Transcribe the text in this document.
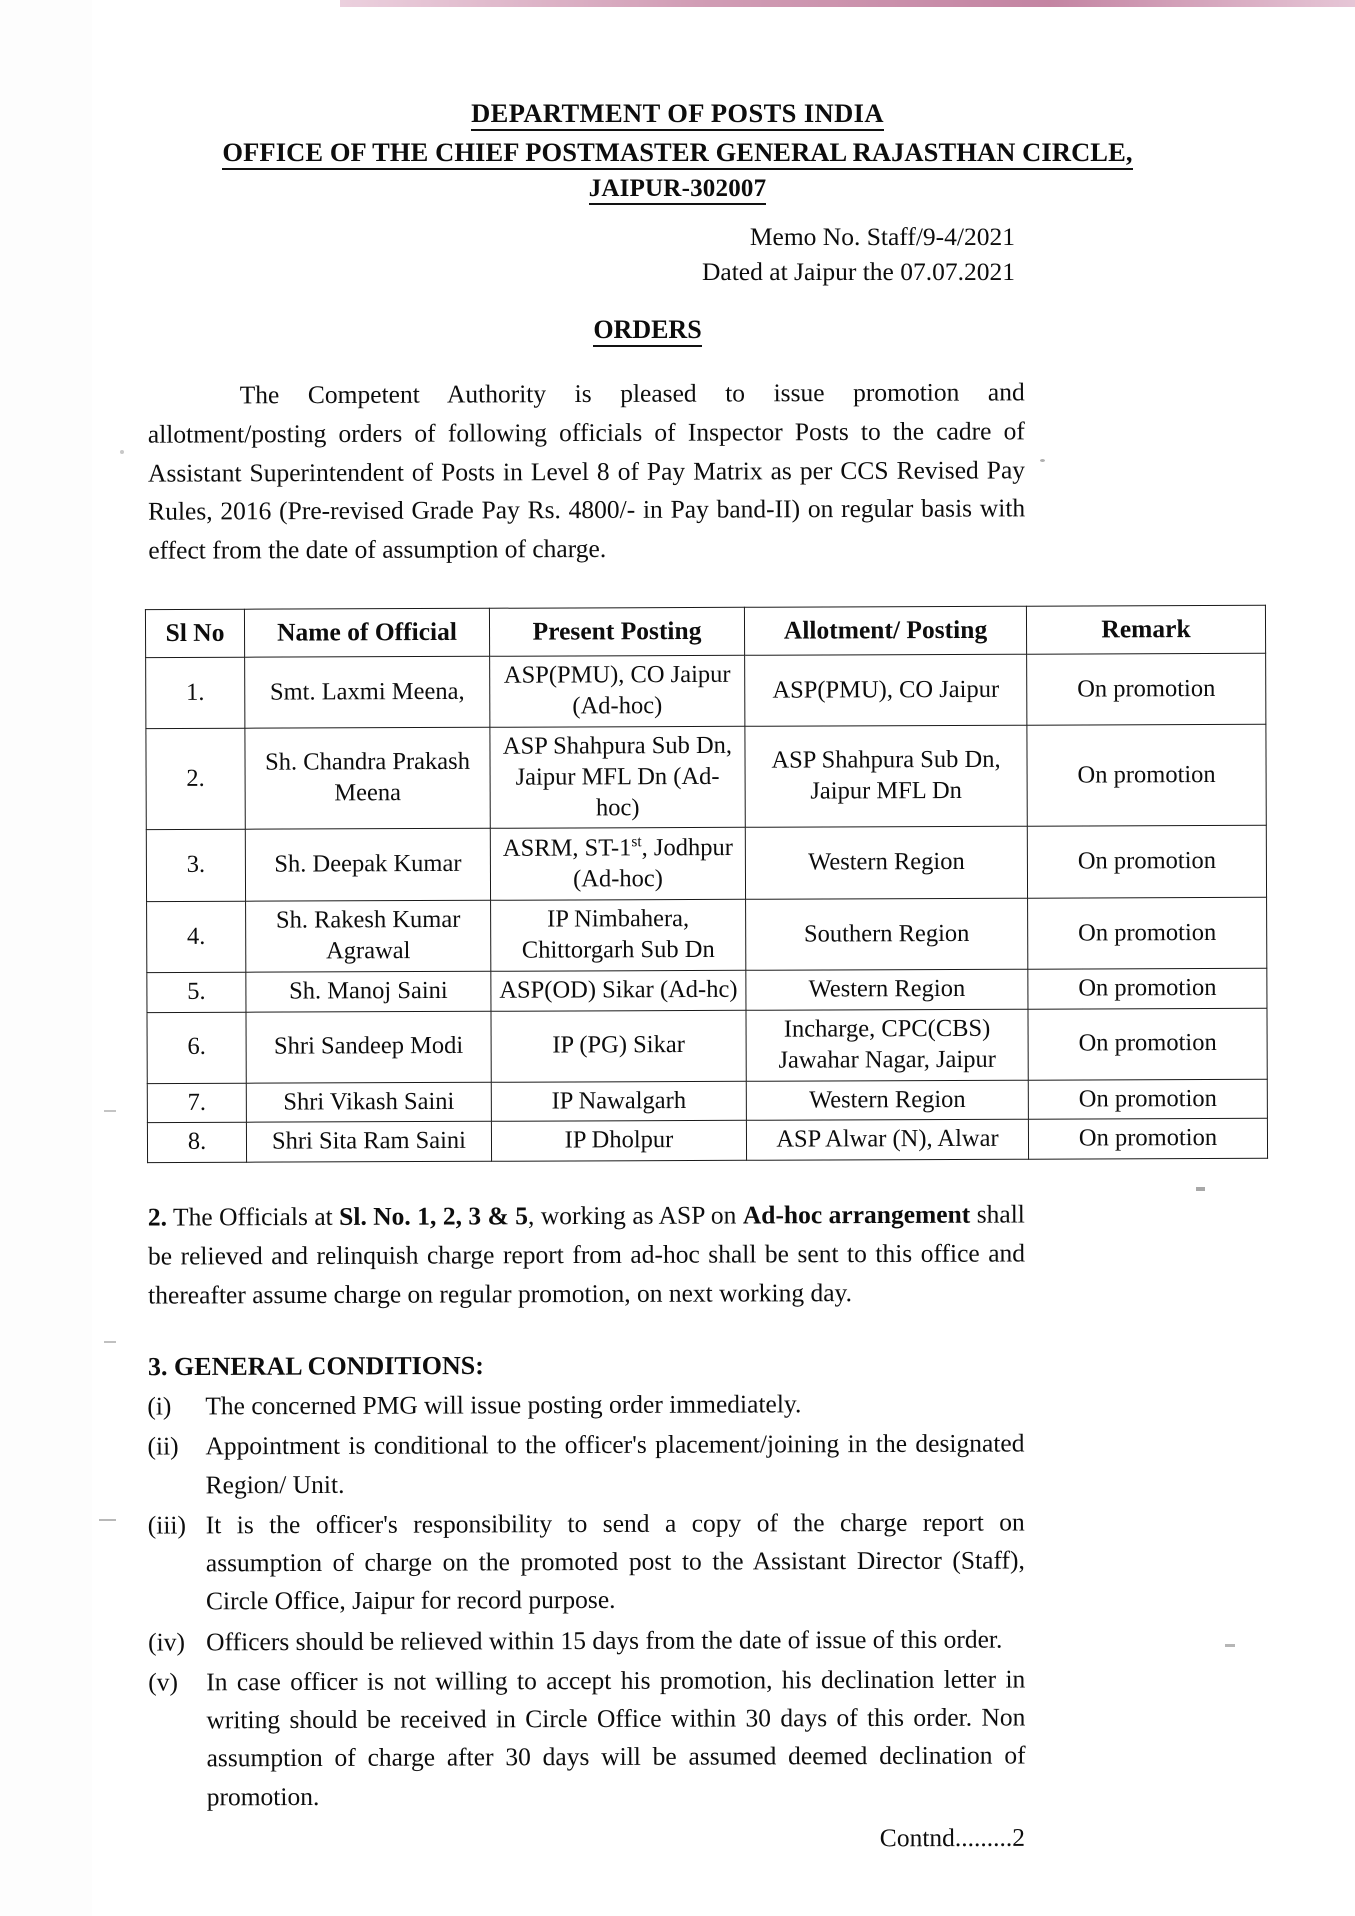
DEPARTMENT OF POSTS INDIA
OFFICE OF THE CHIEF POSTMASTER GENERAL RAJASTHAN CIRCLE,
JAIPUR-302007
Memo No. Staff/9-4/2021
Dated at Jaipur the 07.07.2021
ORDERS
The Competent Authority is pleased to issue promotion and allotment/posting orders of following officials of Inspector Posts to the cadre of Assistant Superintendent of Posts in Level 8 of Pay Matrix as per CCS Revised Pay Rules, 2016 (Pre-revised Grade Pay Rs. 4800/- in Pay band-II) on regular basis with effect from the date of assumption of charge.
Sl No	Name of Official	Present Posting	Allotment/ Posting	Remark
1.	Smt. Laxmi Meena,	ASP(PMU), CO Jaipur (Ad-hoc)	ASP(PMU), CO Jaipur	On promotion
2.	Sh. Chandra Prakash Meena	ASP Shahpura Sub Dn, Jaipur MFL Dn (Ad-hoc)	ASP Shahpura Sub Dn, Jaipur MFL Dn	On promotion
3.	Sh. Deepak Kumar	ASRM, ST-1st, Jodhpur (Ad-hoc)	Western Region	On promotion
4.	Sh. Rakesh Kumar Agrawal	IP Nimbahera, Chittorgarh Sub Dn	Southern Region	On promotion
5.	Sh. Manoj Saini	ASP(OD) Sikar (Ad-hc)	Western Region	On promotion
6.	Shri Sandeep Modi	IP (PG) Sikar	Incharge, CPC(CBS) Jawahar Nagar, Jaipur	On promotion
7.	Shri Vikash Saini	IP Nawalgarh	Western Region	On promotion
8.	Shri Sita Ram Saini	IP Dholpur	ASP Alwar (N), Alwar	On promotion
2. The Officials at Sl. No. 1, 2, 3 & 5, working as ASP on Ad-hoc arrangement shall be relieved and relinquish charge report from ad-hoc shall be sent to this office and thereafter assume charge on regular promotion, on next working day.
3. GENERAL CONDITIONS:
(i)	The concerned PMG will issue posting order immediately.
(ii)	Appointment is conditional to the officer's placement/joining in the designated Region/ Unit.
(iii) It is the officer's responsibility to send a copy of the charge report on assumption of charge on the promoted post to the Assistant Director (Staff), Circle Office, Jaipur for record purpose.
(iv) Officers should be relieved within 15 days from the date of issue of this order.
(v)	In case officer is not willing to accept his promotion, his declination letter in writing should be received in Circle Office within 30 days of this order. Non assumption of charge after 30 days will be assumed deemed declination of promotion.
Contnd.........2
